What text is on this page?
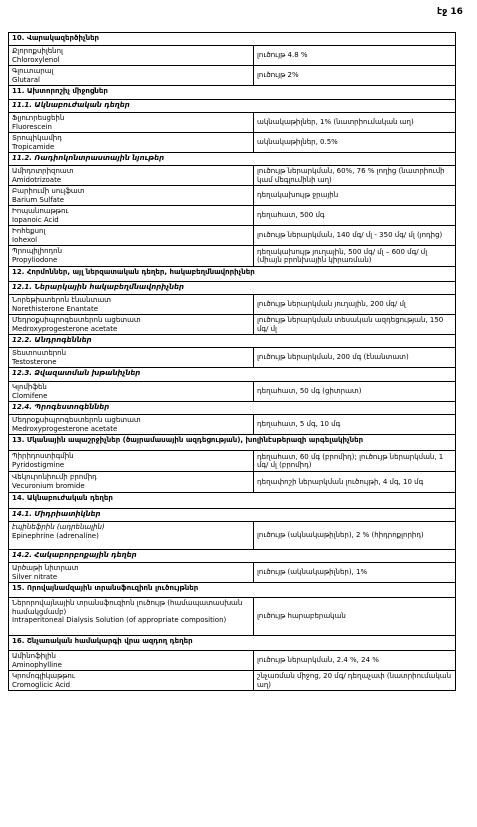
էջ 16
10. Վարակազերծիչներ	

Քլորոքսիլենոլ
Chloroxylenol	լուծույթ 4.8 %

Գլուտարալ
Glutaral	լուծույթ 2%
11. Ախտորոշիչ միջոցներ	
11.1. Ակնաբուժական դեղեր	

Ֆլյուորեսցեին
Fluorescein	ակնակաթիլներ, 1% (նատրիումական աղ)

Տրոպիկամիդ
Tropicamide	ակնակաթիլներ, 0.5%
11.2. Ռադիոկոնտրաստային նյութեր	

Ամիդոտրիզոատ
Amidotrizoate	լուծույթ ներարկման, 60%, 76 % լողից (նատրիումի կամ մեգլումինի աղ)

Բարիումի սուլֆատ
Barium Sulfate	դեղակախույթ ջրային

Իոպանոաթթու
Iopanoic Acid	դեղահատ, 500 մգ

Իոհեքսոլ
Iohexol	լուծույթ ներարկման, 140 մգ/ մլ - 350 մգ/ մլ (յոդից)

Պրոպիլիոդոն
Propyliodone	դեղակախույթ յուղային, 500 մգ/ մլ – 600 մգ/ մլ (միայն բրոնխային կիրառման)
12. Հորմոններ, այլ ներզատական դեղեր, հակաբեղմնավորիչներ	
12.1. Ներարկային հակաբեղմնավորիչներ	

Նորեթիստերոն էնանտատ
Norethisterone Enantate	լուծույթ ներարկման յուղային, 200 մգ/ մլ

Մեդրօքսիպրոգեստերոն ացետատ
Medroxyprogesterone acetate	լուծույթ ներարկման տեսական ազդեցության, 150 մգ/ մլ
12.2. Անդրոգեններ	

Տեստոստերոն
Testosterone	լուծույթ ներարկման, 200 մգ (էնանտատ)
12.3. Ձվազատման խթանիչներ	

Կլոմիֆեն
Clomifene	դեղահատ, 50 մգ (ցիտրատ)
12.4. Պրոգեստոգեններ	

Մեդրօքսիպրոգեստերոն ացետատ
Medroxyprogesterone acetate	դեղահատ, 5 մգ, 10 մգ
13. Մկանային ապաշրջիչներ (ծայրամասային ազդեցության), խոլինէսթերազի արգելակիչներ	

Պիրիդոստիգմին
Pyridostigmine	դեղահատ, 60 մգ (բրոմիդ); լուծույթ ներարկման, 1 մգ/ մլ (բրոմիդ)

Վեկուրոնիումի բրոմիդ
Vecuronium bromide	դեղափոշի ներարկման լուծույթի, 4 մգ, 10 մգ
14. Ակնաբուժական դեղեր	
14.1. Միդրիատիկներ	

էպինեֆրին (ադրենալին)
Epinephrine (adrenaline)	լուծույթ (ակնակաթիլներ), 2 % (հիդրոքլորիդ)
14.2. Հակաբորբոքային դեղեր	

Արծաթի նիտրատ
Silver nitrate	լուծույթ (ակնակաթիլներ), 1%
15. Որովայնամզային տրանսֆուզիոն լուծույթներ	

Ներորովայնային տրանսֆուզիոն լուծույթ (համապատասխան համակցմամբ)
Intraperitoneal Dialysis Solution (of appropriate composition)	լուծույթ հարաբերական
16. Շնչառական համակարգի վրա ազդող դեղեր	

Ամինոֆիլին
Aminophylline	լուծույթ ներարկման, 2.4 %, 24 %

Կրոմոգլիկաթթու
Cromoglicic Acid	շնչառման միջոց, 20 մգ/ դեղաչափ (նատրիումական աղ)
